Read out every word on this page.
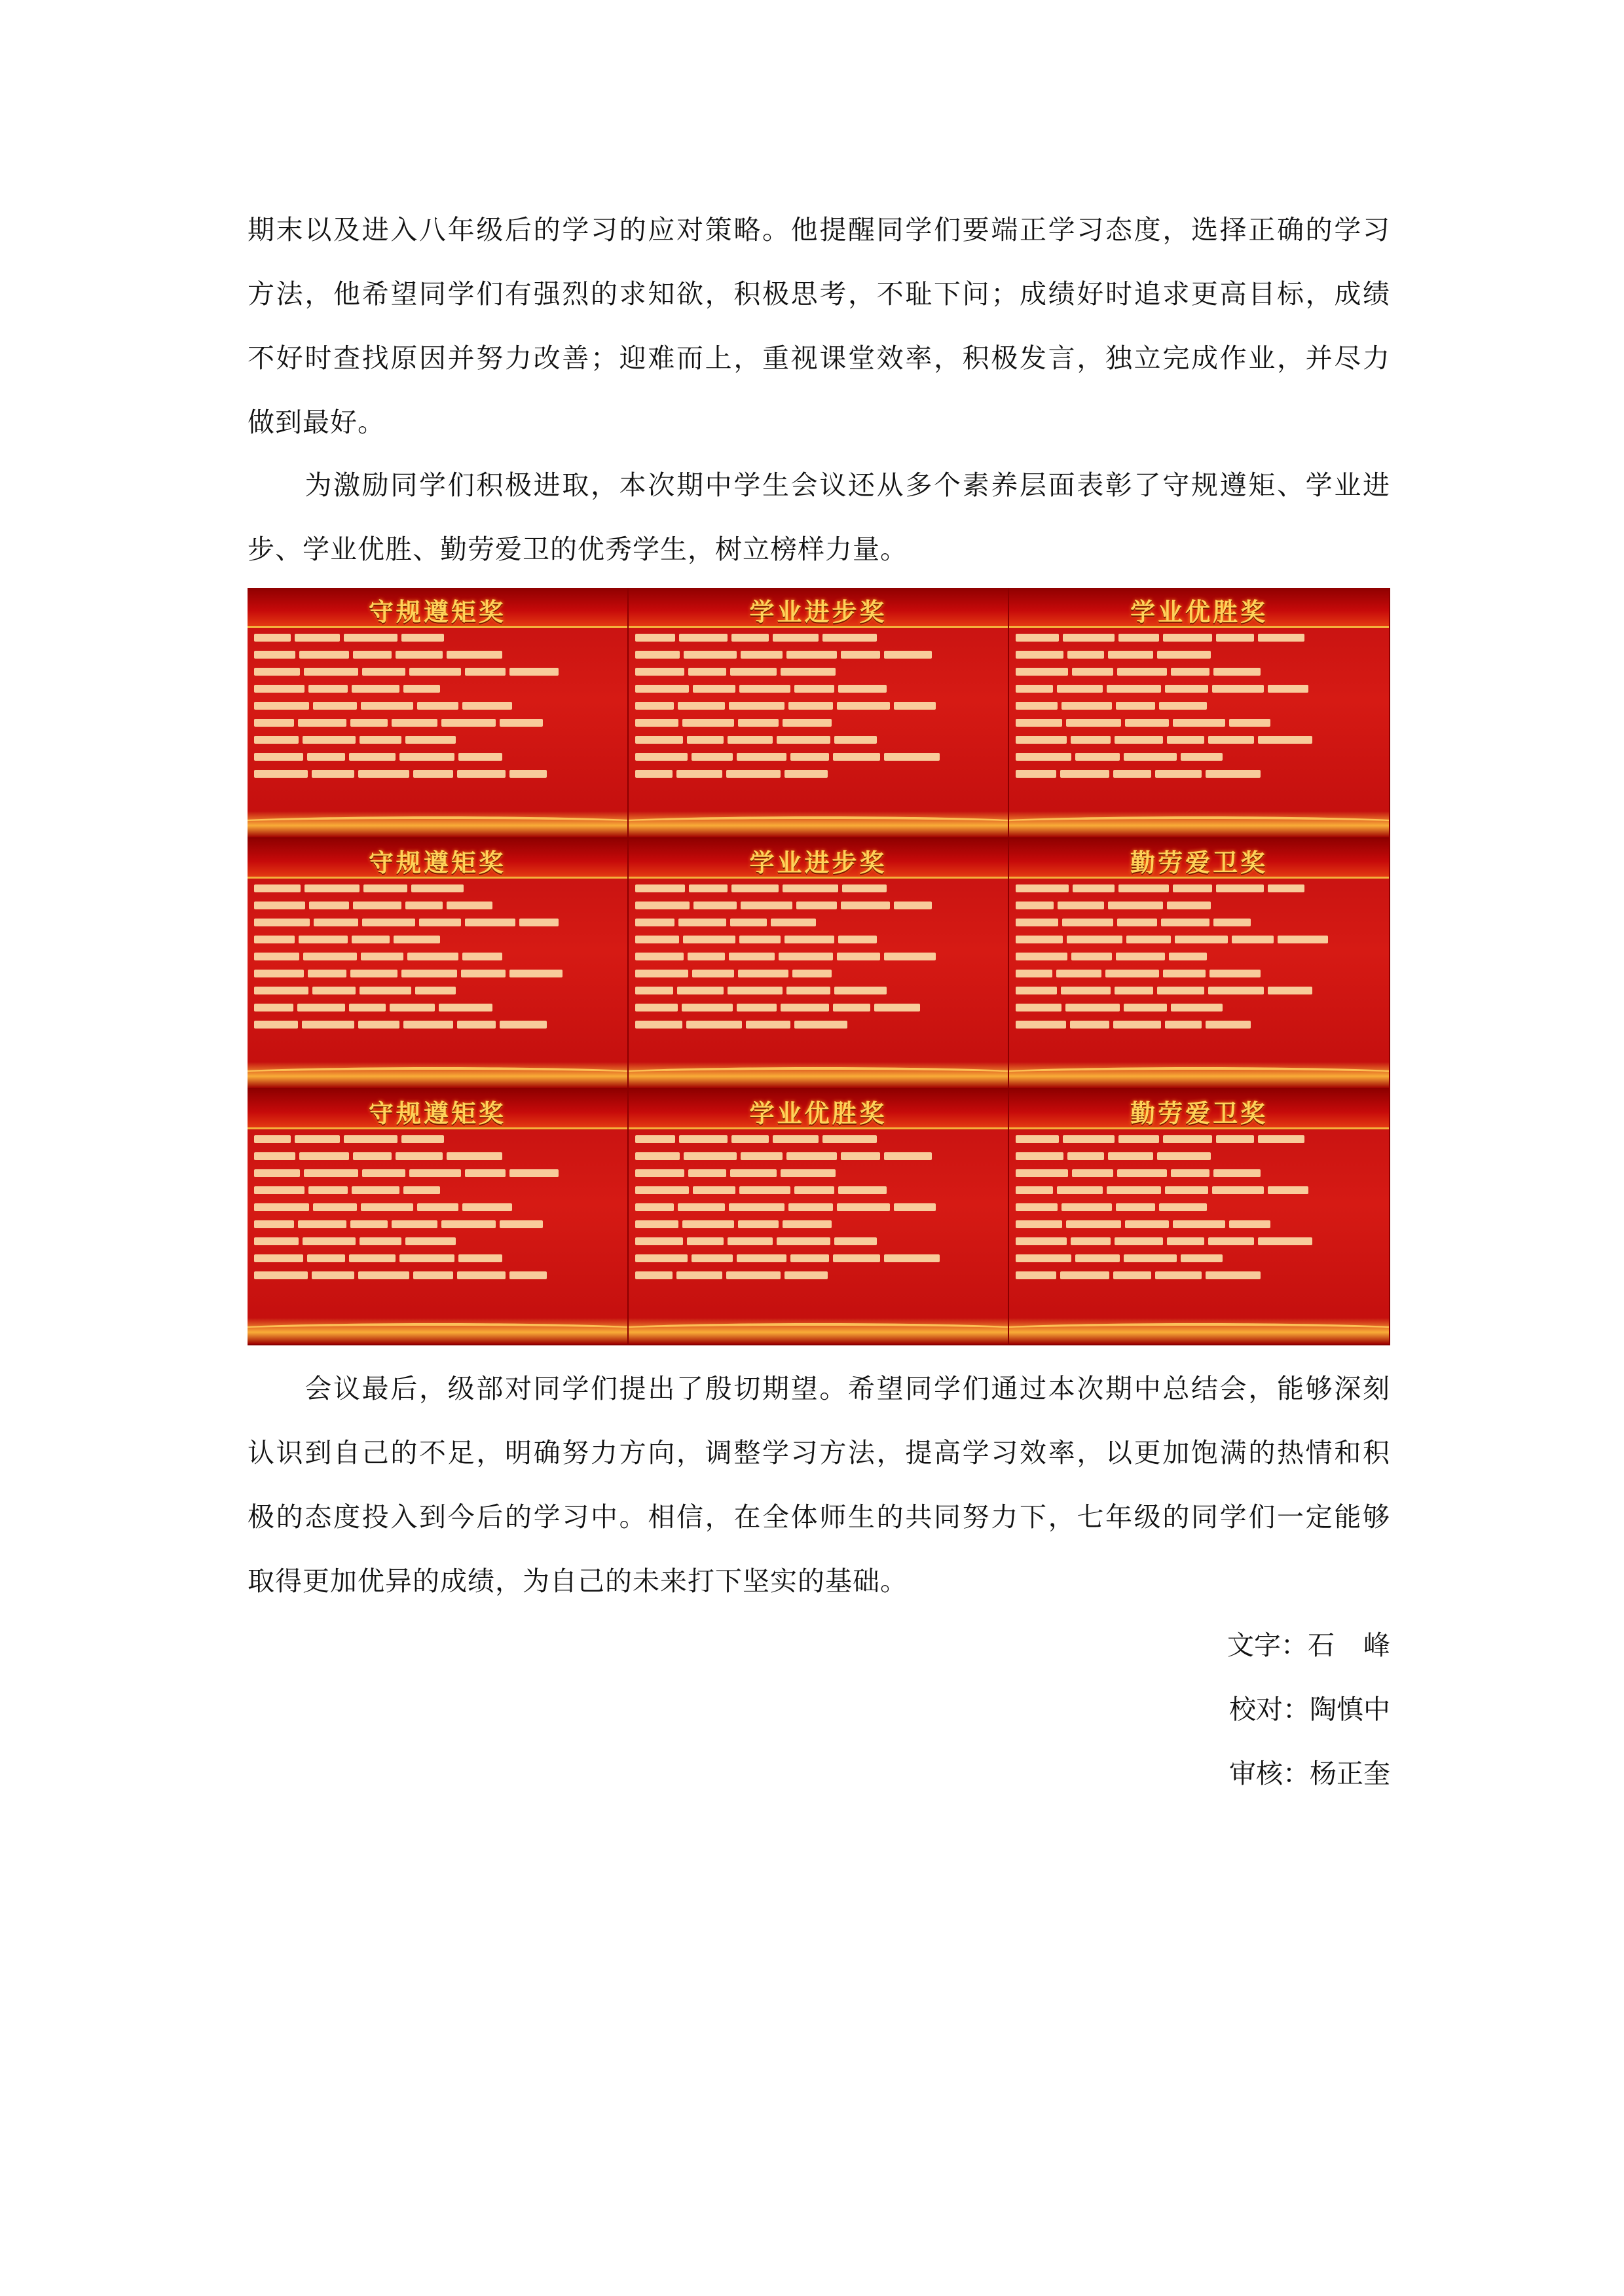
期末以及进入八年级后的学习的应对策略。他提醒同学们要端正学习态度，选择正确的学习
方法，他希望同学们有强烈的求知欲，积极思考，不耻下问；成绩好时追求更高目标，成绩
不好时查找原因并努力改善；迎难而上，重视课堂效率，积极发言，独立完成作业，并尽力
做到最好。
　　为激励同学们积极进取，本次期中学生会议还从多个素养层面表彰了守规遵矩、学业进
步、学业优胜、勤劳爱卫的优秀学生，树立榜样力量。
守规遵矩奖	学业进步奖	学业优胜奖
守规遵矩奖	学业进步奖	勤劳爱卫奖
守规遵矩奖	学业优胜奖	勤劳爱卫奖
　　会议最后，级部对同学们提出了殷切期望。希望同学们通过本次期中总结会，能够深刻
认识到自己的不足，明确努力方向，调整学习方法，提高学习效率，以更加饱满的热情和积
极的态度投入到今后的学习中。相信，在全体师生的共同努力下，七年级的同学们一定能够
取得更加优异的成绩，为自己的未来打下坚实的基础。
文字：石峰
校对：陶慎中
审核：杨正奎
